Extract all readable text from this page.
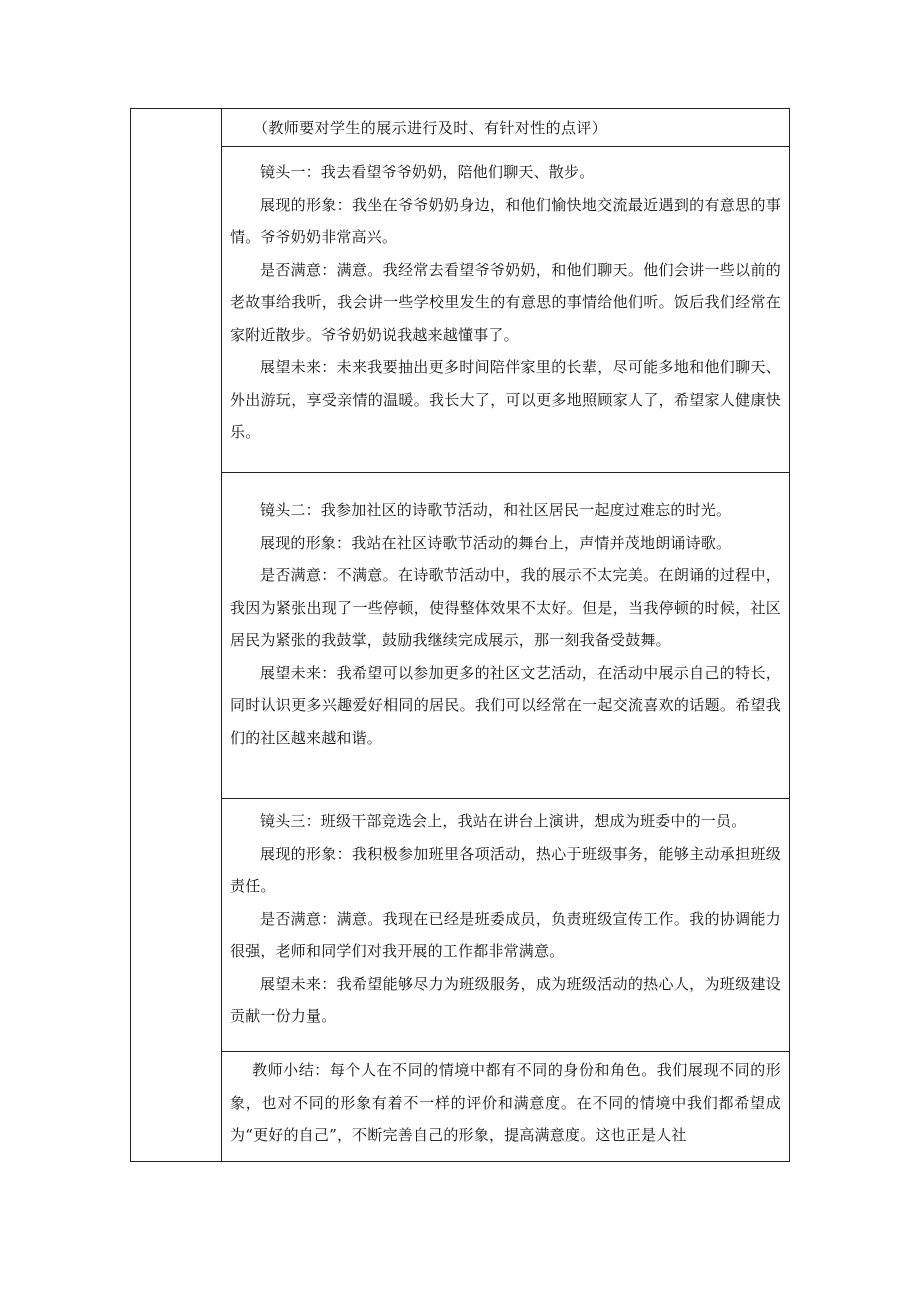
（教师要对学生的展示进行及时、有针对性的点评）

镜头一：我去看望爷爷奶奶，陪他们聊天、散步。

展现的形象：我坐在爷爷奶奶身边，和他们愉快地交流最近遇到的有意思的事情。爷爷奶奶非常高兴。

是否满意：满意。我经常去看望爷爷奶奶，和他们聊天。他们会讲一些以前的老故事给我听，我会讲一些学校里发生的有意思的事情给他们听。饭后我们经常在家附近散步。爷爷奶奶说我越来越懂事了。

展望未来：未来我要抽出更多时间陪伴家里的长辈，尽可能多地和他们聊天、外出游玩，享受亲情的温暖。我长大了，可以更多地照顾家人了，希望家人健康快乐。

镜头二：我参加社区的诗歌节活动，和社区居民一起度过难忘的时光。

展现的形象：我站在社区诗歌节活动的舞台上，声情并茂地朗诵诗歌。

是否满意：不满意。在诗歌节活动中，我的展示不太完美。在朗诵的过程中，我因为紧张出现了一些停顿，使得整体效果不太好。但是，当我停顿的时候，社区居民为紧张的我鼓掌，鼓励我继续完成展示，那一刻我备受鼓舞。

展望未来：我希望可以参加更多的社区文艺活动，在活动中展示自己的特长，同时认识更多兴趣爱好相同的居民。我们可以经常在一起交流喜欢的话题。希望我们的社区越来越和谐。

镜头三：班级干部竞选会上，我站在讲台上演讲，想成为班委中的一员。

展现的形象：我积极参加班里各项活动，热心于班级事务，能够主动承担班级责任。

是否满意：满意。我现在已经是班委成员，负责班级宣传工作。我的协调能力很强，老师和同学们对我开展的工作都非常满意。

展望未来：我希望能够尽力为班级服务，成为班级活动的热心人，为班级建设贡献一份力量。

教师小结：每个人在不同的情境中都有不同的身份和角色。我们展现不同的形象，也对不同的形象有着不一样的评价和满意度。在不同的情境中我们都希望成为“更好的自己”，不断完善自己的形象，提高满意度。这也正是人社
